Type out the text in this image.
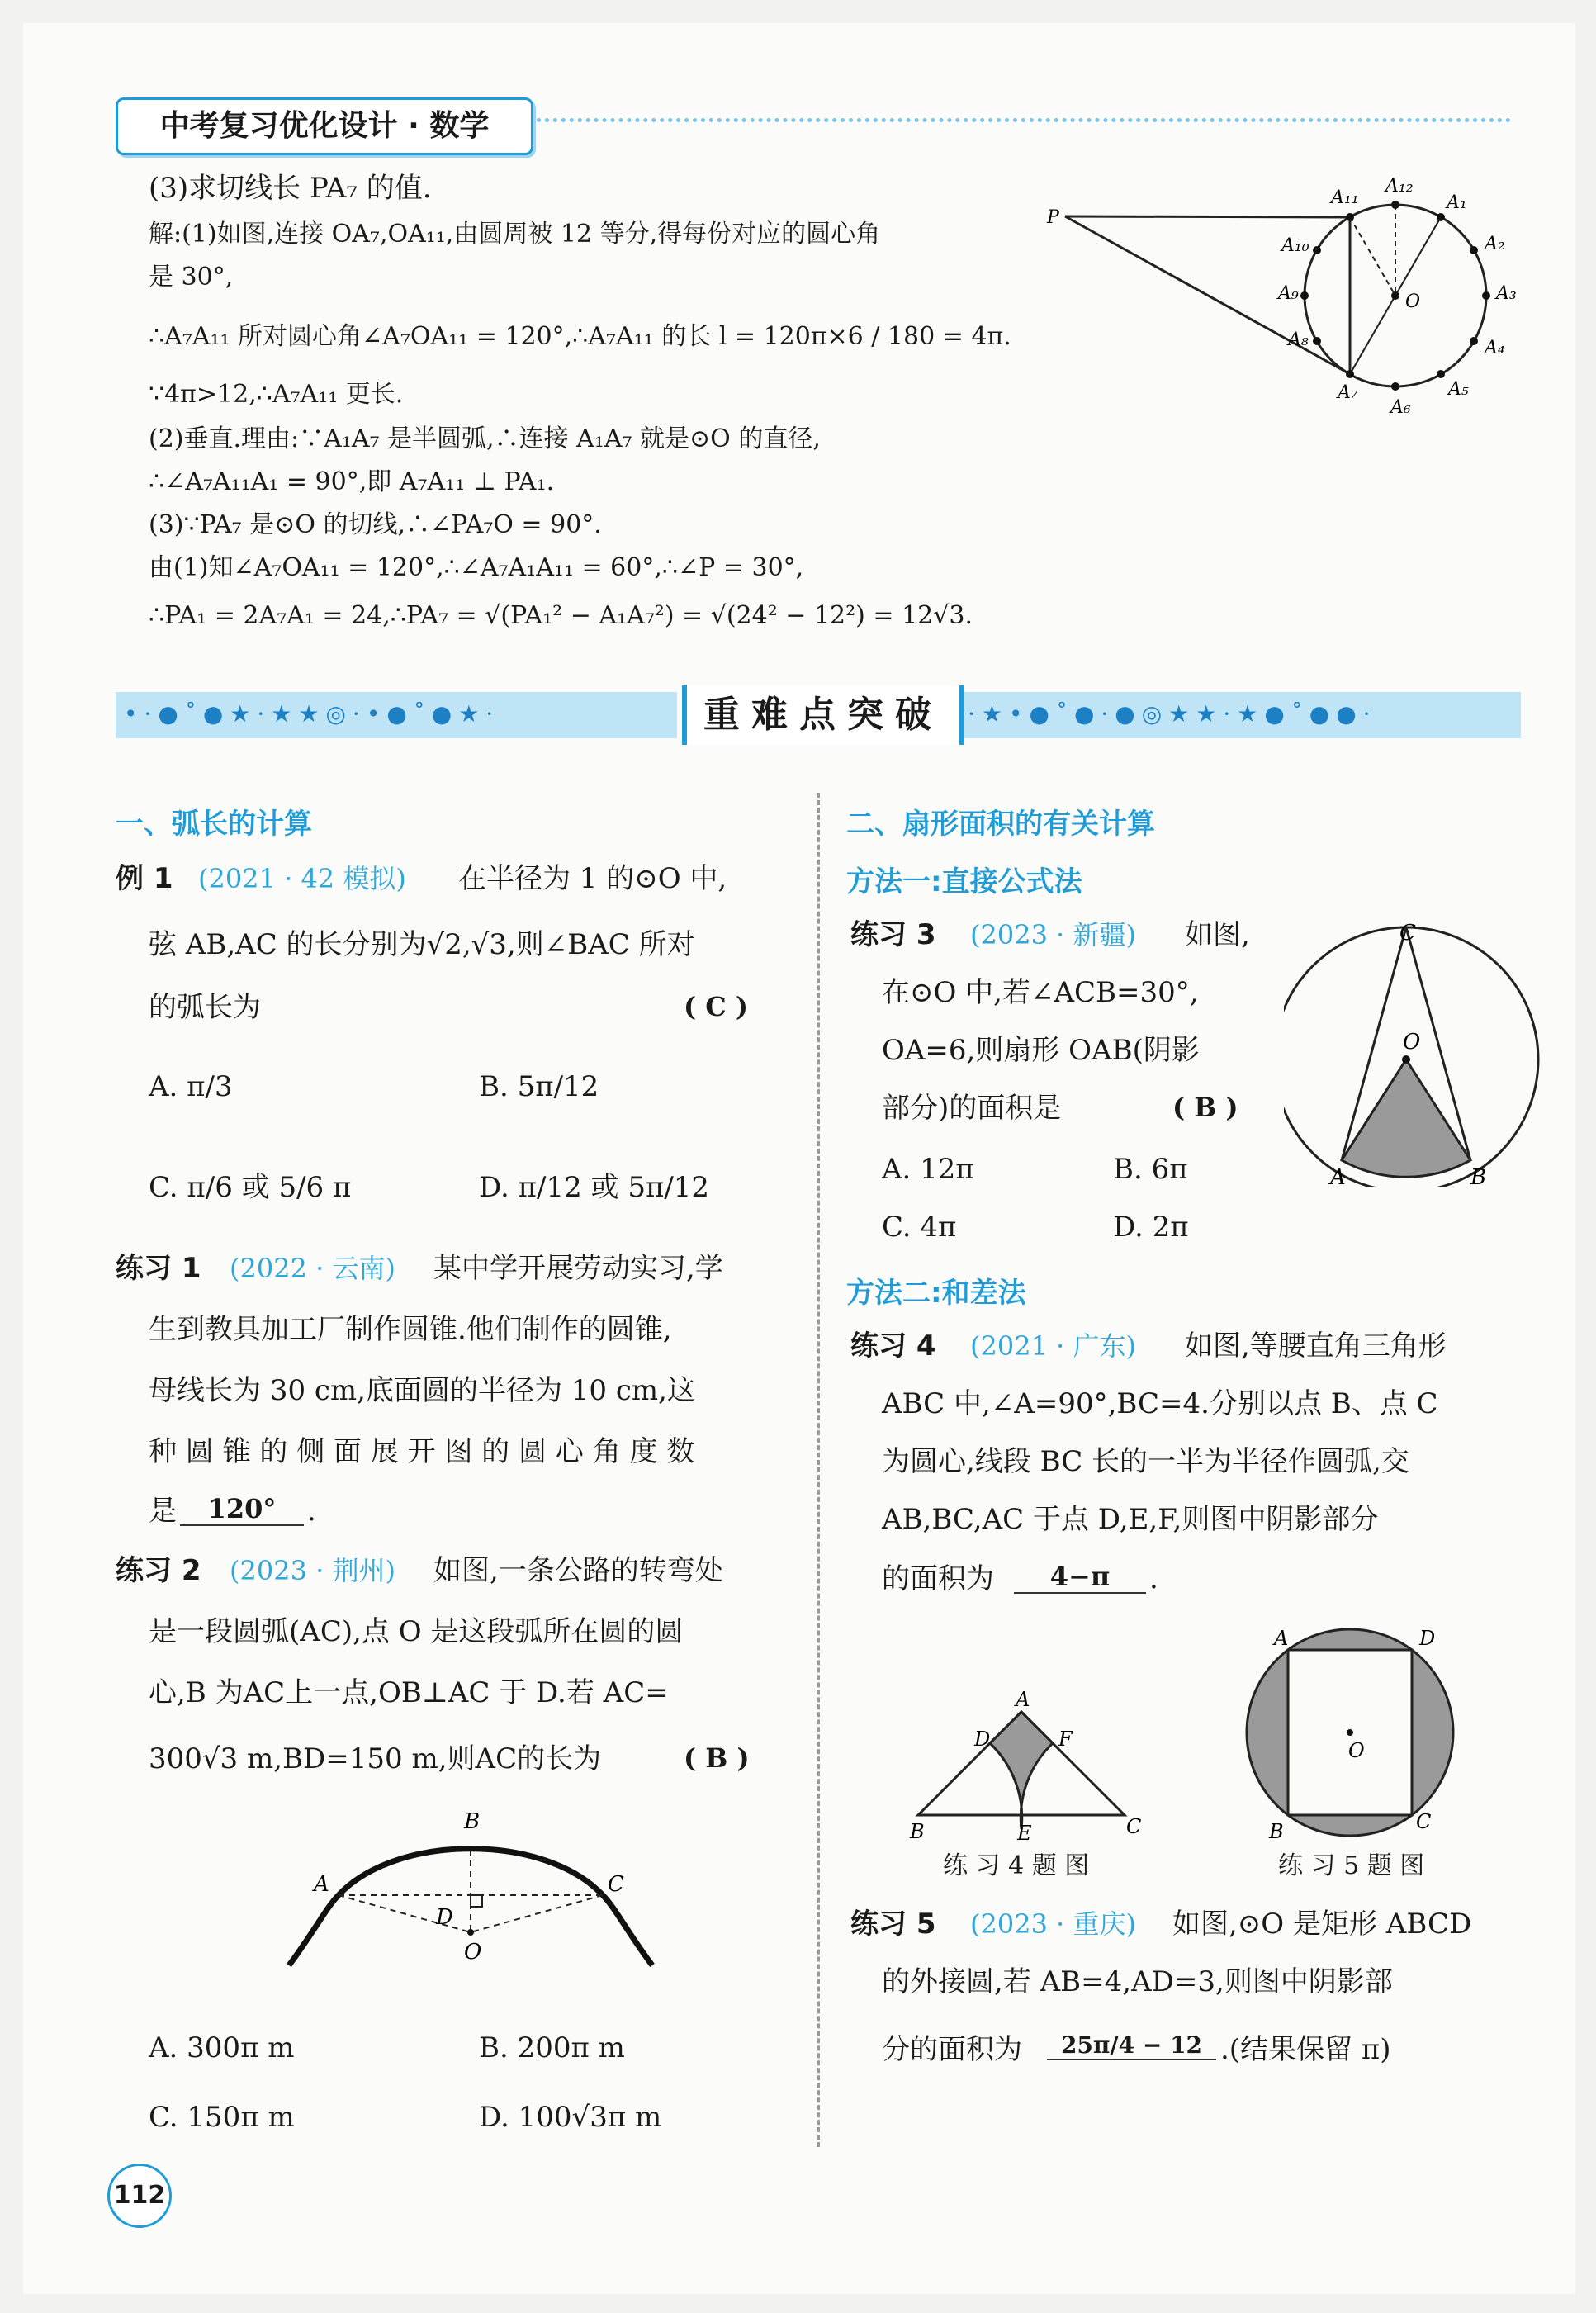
中考复习优化设计 · 数学
(3)求切线长 PA₇ 的值.
解:(1)如图,连接 OA₇,OA₁₁,由圆周被 12 等分,得每份对应的圆心角
是 30°,
∴A₇A₁₁ 所对圆心角∠A₇OA₁₁ = 120°,∴A₇A₁₁ 的长 l = 120π×6 / 180 = 4π.
∵4π>12,∴A₇A₁₁ 更长.
(2)垂直.理由:∵A₁A₇ 是半圆弧,∴连接 A₁A₇ 就是⊙O 的直径,
∴∠A₇A₁₁A₁ = 90°,即 A₇A₁₁ ⊥ PA₁.
(3)∵PA₇ 是⊙O 的切线,∴∠PA₇O = 90°.
由(1)知∠A₇OA₁₁ = 120°,∴∠A₇A₁A₁₁ = 60°,∴∠P = 30°,
∴PA₁ = 2A₇A₁ = 24,∴PA₇ = √(PA₁² − A₁A₇²) = √(24² − 12²) = 12√3.
P
A₁₁
A₁₂
A₁
A₂
A₃
A₄
A₅
A₆
A₇
A₈
A₉
A₁₀
O
•·●˚●★·★★◎·•●˚●★·	·★•●˚●·●◎★★·★●˚●●·
重难点突破
一、弧长的计算
例 1 (2021 · 42 模拟) 在半径为 1 的⊙O 中,
弦 AB,AC 的长分别为√2,√3,则∠BAC 所对
的弧长为	( C )
A. π/3	B. 5π/12
C. π/6 或 5/6 π	D. π/12 或 5π/12
练习 1 (2022 · 云南) 某中学开展劳动实习,学
生到教具加工厂制作圆锥.他们制作的圆锥,
母线长为 30 cm,底面圆的半径为 10 cm,这
种 圆 锥 的 侧 面 展 开 图 的 圆 心 角 度 数
是	120°	.
练习 2 (2023 · 荆州) 如图,一条公路的转弯处
是一段圆弧(AC),点 O 是这段弧所在圆的圆
心,B 为AC上一点,OB⊥AC 于 D.若 AC=
300√3 m,BD=150 m,则AC的长为	( B )
B
A	C
D
O
A. 300π m	B. 200π m
C. 150π m	D. 100√3π m
二、扇形面积的有关计算
方法一:直接公式法
练习 3 (2023 · 新疆) 如图,
在⊙O 中,若∠ACB=30°,
OA=6,则扇形 OAB(阴影
部分)的面积是	( B )
A. 12π	B. 6π
C. 4π	D. 2π
C
O
A	B
方法二:和差法
练习 4 (2021 · 广东) 如图,等腰直角三角形
ABC 中,∠A=90°,BC=4.分别以点 B、点 C
为圆心,线段 BC 长的一半为半径作圆弧,交
AB,BC,AC 于点 D,E,F,则图中阴影部分
的面积为	4−π	.
A
D	F
B	E	C
练 习 4 题 图
A	D
O
B	C
练 习 5 题 图
练习 5 (2023 · 重庆) 如图,⊙O 是矩形 ABCD
的外接圆,若 AB=4,AD=3,则图中阴影部
分的面积为	25π/4 − 12 .(结果保留 π)
112
